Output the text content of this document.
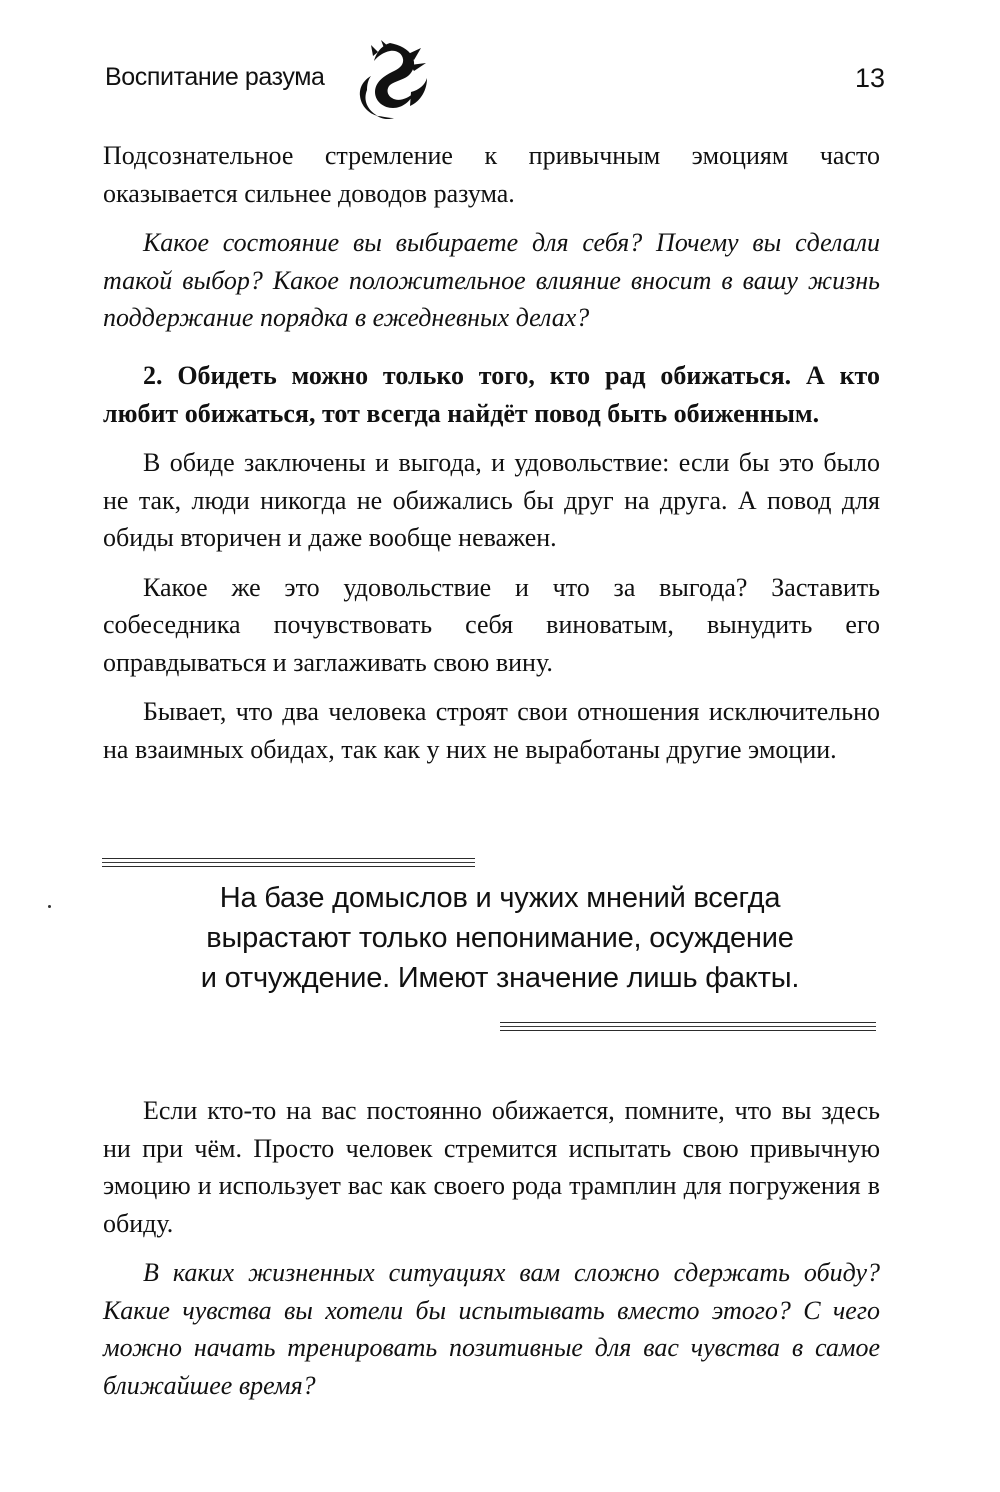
Воспитание разума	13

Подсознательное стремление к привычным эмоциям часто оказывается сильнее доводов разума.

Какое состояние вы выбираете для себя? Почему вы сделали такой выбор? Какое положительное влияние вносит в вашу жизнь поддержание порядка в ежедневных делах?

2. Обидеть можно только того, кто рад обижаться. А кто любит обижаться, тот всегда найдёт повод быть обиженным.

В обиде заключены и выгода, и удовольствие: если бы это было не так, люди никогда не обижались бы друг на друга. А повод для обиды вторичен и даже вообще неважен.

Какое же это удовольствие и что за выгода? Заставить собеседника почувствовать себя виноватым, вынудить его оправдываться и заглаживать свою вину.

Бывает, что два человека строят свои отношения исключительно на взаимных обидах, так как у них не выработаны другие эмоции.

На базе домыслов и чужих мнений всегда
вырастают только непонимание, осуждение
и отчуждение. Имеют значение лишь факты.

Если кто-то на вас постоянно обижается, помните, что вы здесь ни при чём. Просто человек стремится испытать свою привычную эмоцию и использует вас как своего рода трамплин для погружения в обиду.

В каких жизненных ситуациях вам сложно сдержать обиду? Какие чувства вы хотели бы испытывать вместо этого? С чего можно начать тренировать позитивные для вас чувства в самое ближайшее время?
